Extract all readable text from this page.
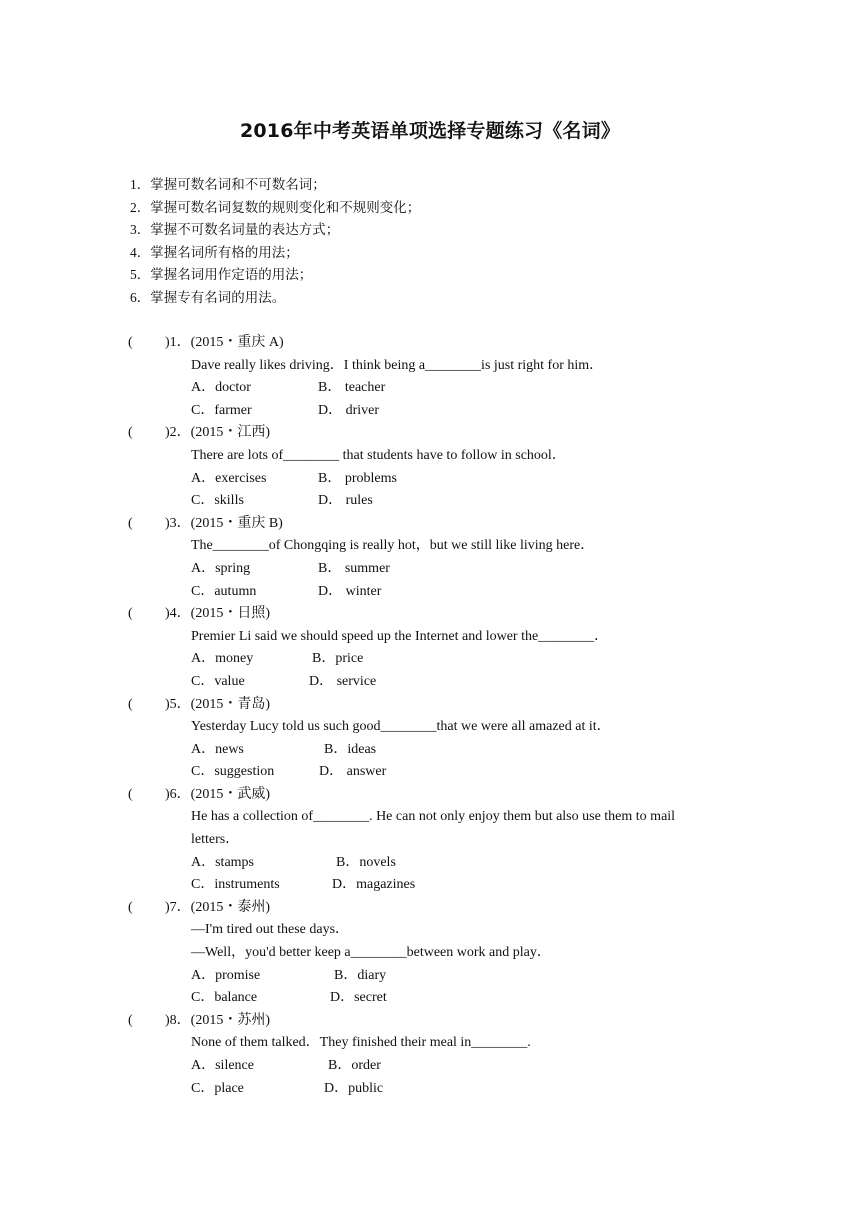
2016年中考英语单项选择专题练习《名词》
1．掌握可数名词和不可数名词；
2．掌握可数名词复数的规则变化和不规则变化；
3．掌握不可数名词量的表达方式；
4．掌握名词所有格的用法；
5．掌握名词用作定语的用法；
6．掌握专有名词的用法。
( )1．(2015・重庆 A)
Dave really likes driving．I think being a________is just right for him．
A．doctor	B． teacher
C．farmer	D． driver
( )2．(2015・江西)
There are lots of________ that students have to follow in school．
A．exercises	B． problems
C．skills	D． rules
( )3．(2015・重庆 B)
The________of Chongqing is really hot，but we still like living here．
A．spring	B． summer
C．autumn	D． winter
( )4．(2015・日照)
Premier Li said we should speed up the Internet and lower the________．
A．money	B．price
C．value	D． service
( )5．(2015・青岛)
Yesterday Lucy told us such good________that we were all amazed at it．
A．news	B．ideas
C．suggestion	D． answer
( )6．(2015・武威)
He has a collection of________. He can not only enjoy them but also use them to mail
letters．
A．stamps	B．novels
C．instruments	D．magazines
( )7．(2015・泰州)
—I'm tired out these days．
—Well，you'd better keep a________between work and play．
A．promise	B．diary
C．balance	D．secret
( )8．(2015・苏州)
None of them talked．They finished their meal in________.
A．silence	B．order
C．place	D．public
